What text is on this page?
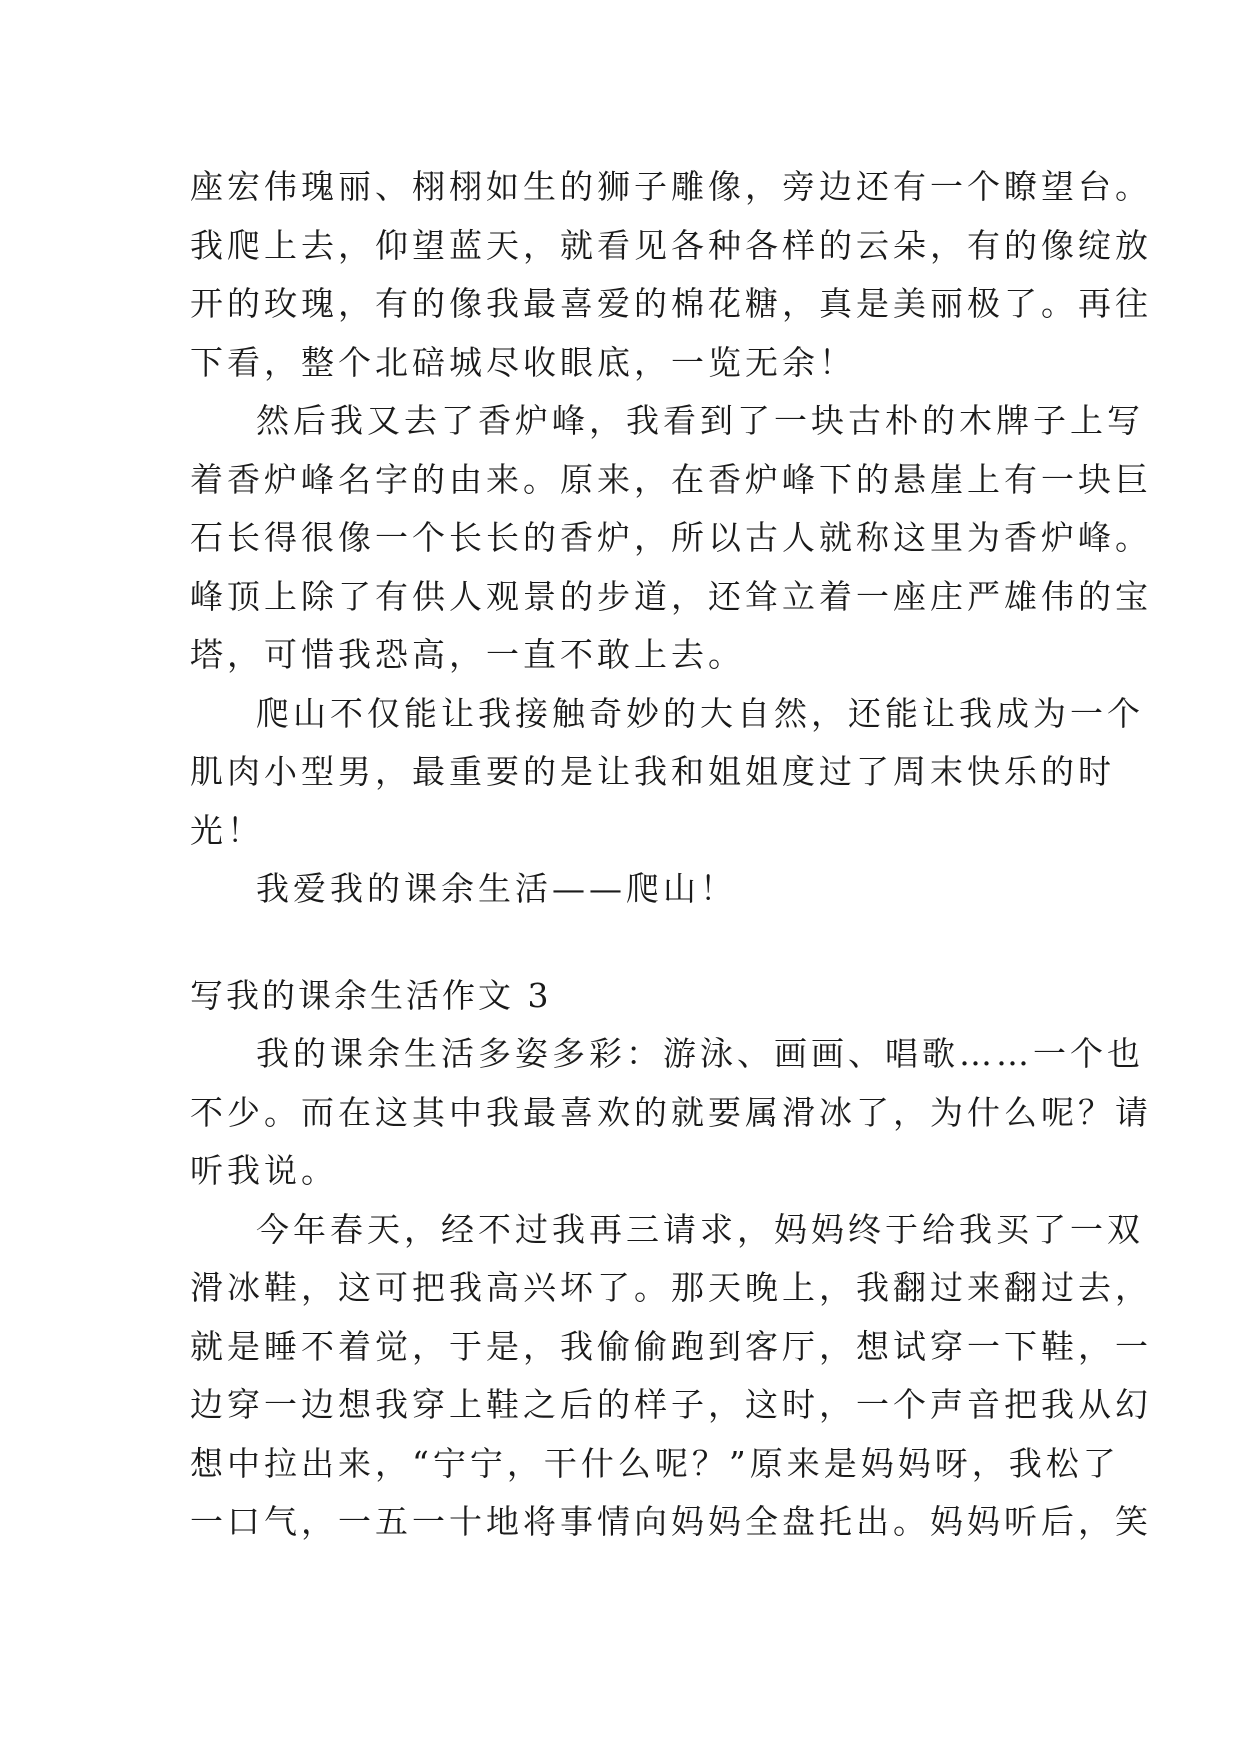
座宏伟瑰丽、栩栩如生的狮子雕像，旁边还有一个瞭望台。
我爬上去，仰望蓝天，就看见各种各样的云朵，有的像绽放
开的玫瑰，有的像我最喜爱的棉花糖，真是美丽极了。再往
下看，整个北碚城尽收眼底，一览无余！
然后我又去了香炉峰，我看到了一块古朴的木牌子上写
着香炉峰名字的由来。原来，在香炉峰下的悬崖上有一块巨
石长得很像一个长长的香炉，所以古人就称这里为香炉峰。
峰顶上除了有供人观景的步道，还耸立着一座庄严雄伟的宝
塔，可惜我恐高，一直不敢上去。
爬山不仅能让我接触奇妙的大自然，还能让我成为一个
肌肉小型男，最重要的是让我和姐姐度过了周末快乐的时
光！
我爱我的课余生活——爬山！
写我的课余生活作文 3
我的课余生活多姿多彩：游泳、画画、唱歌……一个也
不少。而在这其中我最喜欢的就要属滑冰了，为什么呢？请
听我说。
今年春天，经不过我再三请求，妈妈终于给我买了一双
滑冰鞋，这可把我高兴坏了。那天晚上，我翻过来翻过去，
就是睡不着觉，于是，我偷偷跑到客厅，想试穿一下鞋，一
边穿一边想我穿上鞋之后的样子，这时，一个声音把我从幻
想中拉出来，“宁宁，干什么呢？”原来是妈妈呀，我松了
一口气，一五一十地将事情向妈妈全盘托出。妈妈听后，笑
